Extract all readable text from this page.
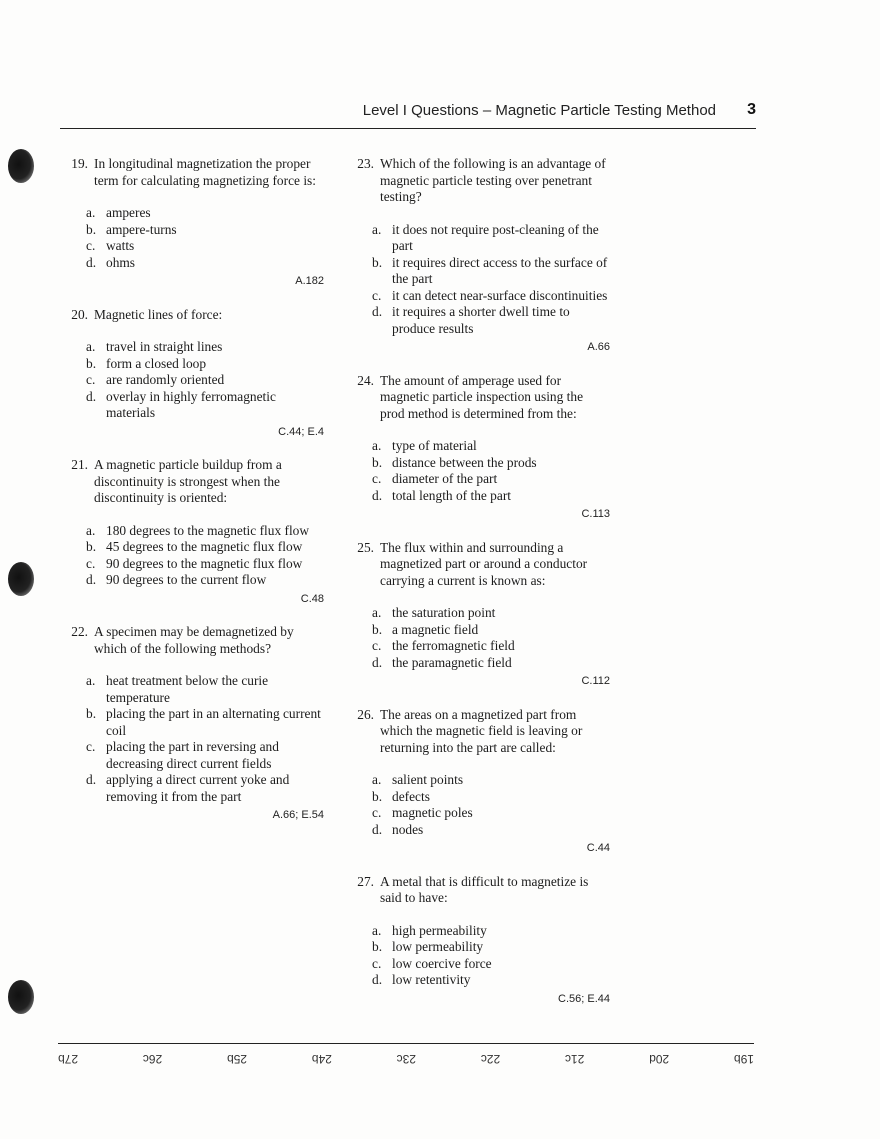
Level I Questions – Magnetic Particle Testing Method 3
19. In longitudinal magnetization the proper term for calculating magnetizing force is:
a. amperes
b. ampere-turns
c. watts
d. ohms
A.182
20. Magnetic lines of force:
a. travel in straight lines
b. form a closed loop
c. are randomly oriented
d. overlay in highly ferromagnetic materials
C.44; E.4
21. A magnetic particle buildup from a discontinuity is strongest when the discontinuity is oriented:
a. 180 degrees to the magnetic flux flow
b. 45 degrees to the magnetic flux flow
c. 90 degrees to the magnetic flux flow
d. 90 degrees to the current flow
C.48
22. A specimen may be demagnetized by which of the following methods?
a. heat treatment below the curie temperature
b. placing the part in an alternating current coil
c. placing the part in reversing and decreasing direct current fields
d. applying a direct current yoke and removing it from the part
A.66; E.54
23. Which of the following is an advantage of magnetic particle testing over penetrant testing?
a. it does not require post-cleaning of the part
b. it requires direct access to the surface of the part
c. it can detect near-surface discontinuities
d. it requires a shorter dwell time to produce results
A.66
24. The amount of amperage used for magnetic particle inspection using the prod method is determined from the:
a. type of material
b. distance between the prods
c. diameter of the part
d. total length of the part
C.113
25. The flux within and surrounding a magnetized part or around a conductor carrying a current is known as:
a. the saturation point
b. a magnetic field
c. the ferromagnetic field
d. the paramagnetic field
C.112
26. The areas on a magnetized part from which the magnetic field is leaving or returning into the part are called:
a. salient points
b. defects
c. magnetic poles
d. nodes
C.44
27. A metal that is difficult to magnetize is said to have:
a. high permeability
b. low permeability
c. low coercive force
d. low retentivity
C.56; E.44
19b
20d
21c
22c
23c
24b
25b
26c
27b
